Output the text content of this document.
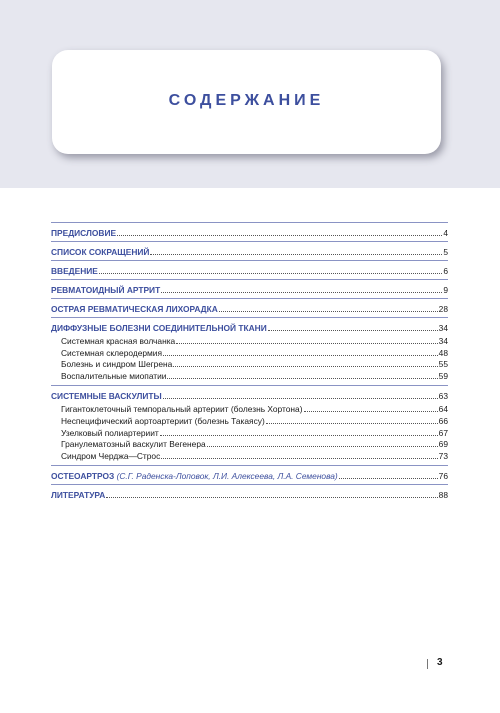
СОДЕРЖАНИЕ
ПРЕДИСЛОВИЕ	4
СПИСОК СОКРАЩЕНИЙ	5
ВВЕДЕНИЕ	6
РЕВМАТОИДНЫЙ АРТРИТ	9
ОСТРАЯ РЕВМАТИЧЕСКАЯ ЛИХОРАДКА	28
ДИФФУЗНЫЕ БОЛЕЗНИ СОЕДИНИТЕЛЬНОЙ ТКАНИ	34
Системная красная волчанка	34
Системная склеродермия	48
Болезнь и синдром Шегрена	55
Воспалительные миопатии	59
СИСТЕМНЫЕ ВАСКУЛИТЫ	63
Гигантоклеточный темпоральный артериит (болезнь Хортона)	64
Неспецифический аортоартериит (болезнь Такаясу)	66
Узелковый полиартериит	67
Гранулематозный васкулит Вегенера	69
Синдром Черджа—Строс	73
ОСТЕОАРТРОЗ (С.Г. Раденска-Лоповок, Л.И. Алексеева, Л.А. Семенова)	76
ЛИТЕРАТУРА	88
3
